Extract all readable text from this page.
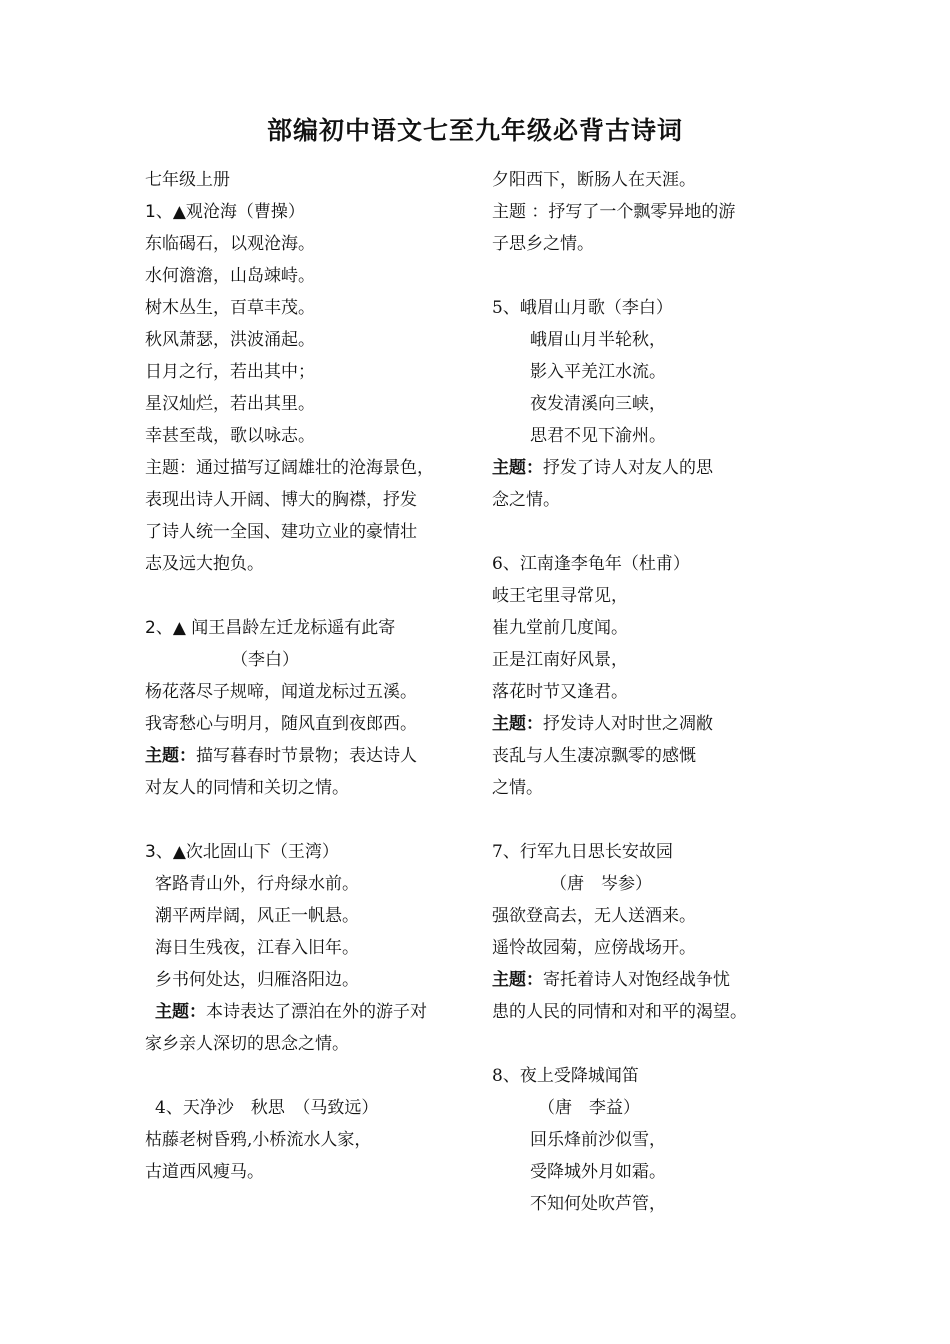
部编初中语文七至九年级必背古诗词
七年级上册
1、▲观沧海（曹操）
东临碣石，以观沧海。
水何澹澹，山岛竦峙。
树木丛生，百草丰茂。
秋风萧瑟，洪波涌起。
日月之行，若出其中；
星汉灿烂，若出其里。
幸甚至哉，歌以咏志。
主题：通过描写辽阔雄壮的沧海景色，
表现出诗人开阔、博大的胸襟，抒发
了诗人统一全国、建功立业的豪情壮
志及远大抱负。
2、▲ 闻王昌龄左迁龙标遥有此寄
（李白）
杨花落尽子规啼，闻道龙标过五溪。
我寄愁心与明月，随风直到夜郎西。
主题：描写暮春时节景物；表达诗人
对友人的同情和关切之情。
3、▲次北固山下（王湾）
客路青山外，行舟绿水前。
潮平两岸阔，风正一帆悬。
海日生残夜，江春入旧年。
乡书何处达，归雁洛阳边。
主题：本诗表达了漂泊在外的游子对
家乡亲人深切的思念之情。
4、天净沙　秋思　（马致远）
枯藤老树昏鸦,小桥流水人家，
古道西风瘦马。
夕阳西下，断肠人在天涯。
主题 ：抒写了一个飘零异地的游
子思乡之情。
5、峨眉山月歌（李白）
峨眉山月半轮秋，
影入平羌江水流。
夜发清溪向三峡，
思君不见下渝州。
主题：抒发了诗人对友人的思
念之情。
6、江南逢李龟年（杜甫）
岐王宅里寻常见，
崔九堂前几度闻。
正是江南好风景，
落花时节又逢君。
主题：抒发诗人对时世之凋敝
丧乱与人生凄凉飘零的感慨
之情。
7、行军九日思长安故园
（唐　岑参）
强欲登高去，无人送酒来。
遥怜故园菊，应傍战场开。
主题：寄托着诗人对饱经战争忧
患的人民的同情和对和平的渴望。
8、夜上受降城闻笛
（唐　李益）
回乐烽前沙似雪，
受降城外月如霜。
不知何处吹芦管，
